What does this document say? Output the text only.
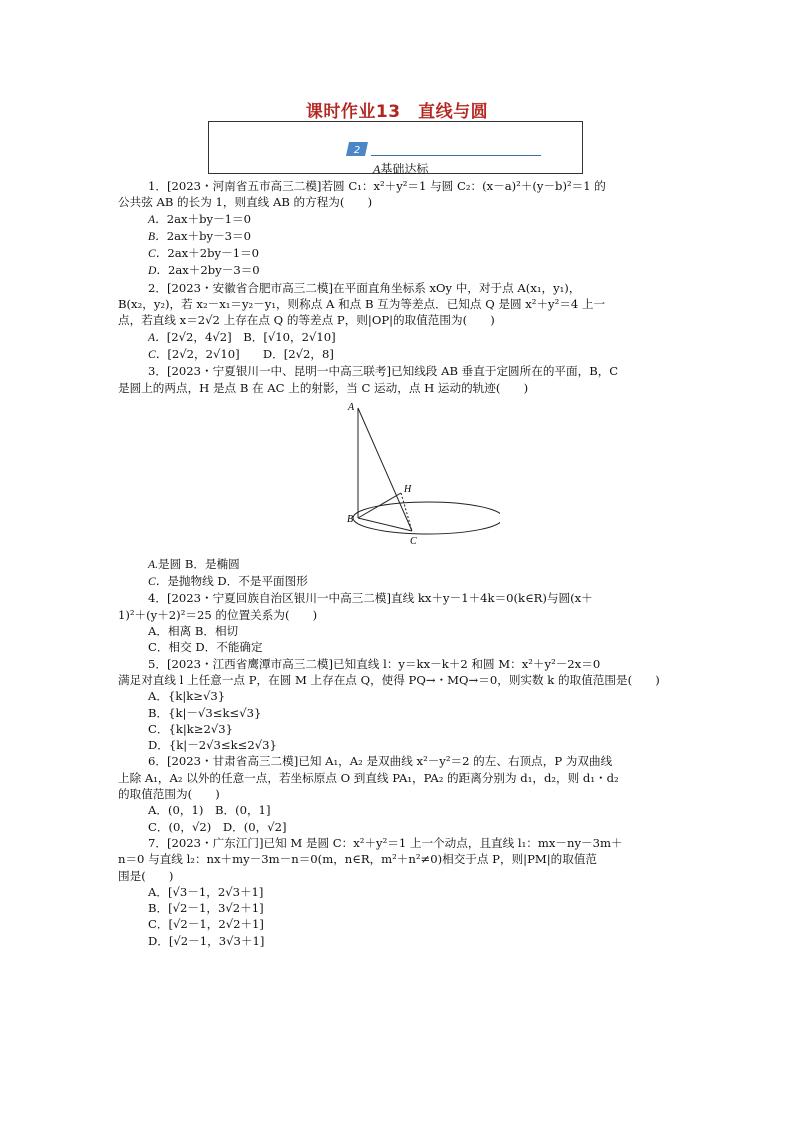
课时作业13　直线与圆
2
A基础达标
1．[2023・河南省五市高三二模]若圆 C₁：x²＋y²＝1 与圆 C₂：(x－a)²＋(y－b)²＝1 的
公共弦 AB 的长为 1，则直线 AB 的方程为(　　)
A．2ax＋by－1＝0
B．2ax＋by－3＝0
C．2ax＋2by－1＝0
D．2ax＋2by－3＝0
2．[2023・安徽省合肥市高三二模]在平面直角坐标系 xOy 中，对于点 A(x₁，y₁)，
B(x₂，y₂)，若 x₂－x₁＝y₂－y₁，则称点 A 和点 B 互为等差点．已知点 Q 是圆 x²＋y²＝4 上一
点，若直线 x＝2√2 上存在点 Q 的等差点 P，则|OP|的取值范围为(　　)
A．[2√2，4√2]　B．[√10，2√10]
C．[2√2，2√10]　　D．[2√2，8]
3．[2023・宁夏银川一中、昆明一中高三联考]已知线段 AB 垂直于定圆所在的平面，B，C
是圆上的两点，H 是点 B 在 AC 上的射影，当 C 运动，点 H 运动的轨迹(　　)
A
B
C
H
A.是圆 B．是椭圆
C．是抛物线 D．不是平面图形
4．[2023・宁夏回族自治区银川一中高三二模]直线 kx＋y－1＋4k＝0(k∈R)与圆(x＋
1)²＋(y＋2)²＝25 的位置关系为(　　)
A．相离 B．相切
C．相交 D．不能确定
5．[2023・江西省鹰潭市高三二模]已知直线 l：y＝kx－k＋2 和圆 M：x²＋y²－2x＝0
满足对直线 l 上任意一点 P，在圆 M 上存在点 Q，使得 PQ→・MQ→＝0，则实数 k 的取值范围是(　　)
A．{k|k≥√3}
B．{k|－√3≤k≤√3}
C．{k|k≥2√3}
D．{k|－2√3≤k≤2√3}
6．[2023・甘肃省高三二模]已知 A₁，A₂ 是双曲线 x²－y²＝2 的左、右顶点，P 为双曲线
上除 A₁，A₂ 以外的任意一点，若坐标原点 O 到直线 PA₁，PA₂ 的距离分别为 d₁，d₂，则 d₁・d₂
的取值范围为(　　)
A．(0，1)　B．(0，1]
C．(0，√2)　D．(0，√2]
7．[2023・广东江门]已知 M 是圆 C：x²＋y²＝1 上一个动点，且直线 l₁：mx－ny－3m＋
n＝0 与直线 l₂：nx＋my－3m－n＝0(m，n∈R，m²＋n²≠0)相交于点 P，则|PM|的取值范
围是(　　)
A．[√3－1，2√3＋1]
B．[√2－1，3√2＋1]
C．[√2－1，2√2＋1]
D．[√2－1，3√3＋1]
